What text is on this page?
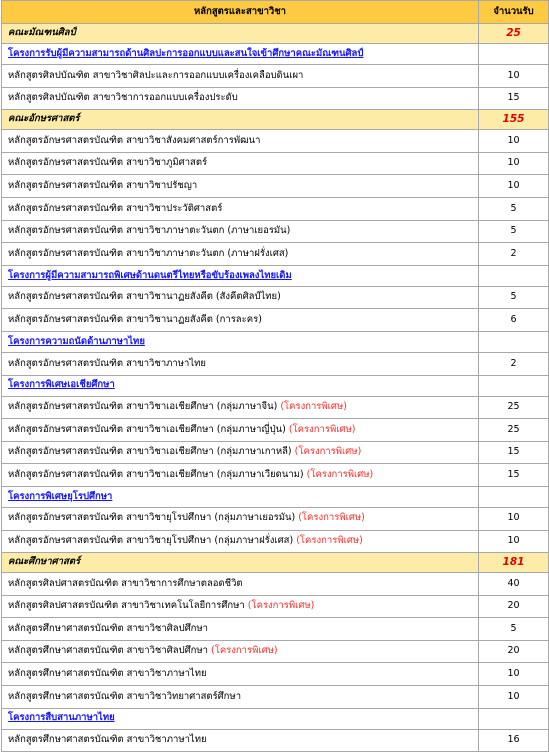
หลักสูตรและสาขาวิชา	จำนวนรับ
คณะมัณฑนศิลป์	25
โครงการรับผู้มีความสามารถด้านศิลปะการออกแบบและสนใจเข้าศึกษาคณะมัณฑนศิลป์	
หลักสูตรศิลปบัณฑิต สาขาวิชาศิลปะและการออกแบบเครื่องเคลือบดินเผา	10
หลักสูตรศิลปบัณฑิต สาขาวิชาการออกแบบเครื่องประดับ	15
คณะอักษรศาสตร์	155
หลักสูตรอักษรศาสตรบัณฑิต สาขาวิชาสังคมศาสตร์การพัฒนา	10
หลักสูตรอักษรศาสตรบัณฑิต สาขาวิชาภูมิศาสตร์	10
หลักสูตรอักษรศาสตรบัณฑิต สาขาวิชาปรัชญา	10
หลักสูตรอักษรศาสตรบัณฑิต สาขาวิชาประวัติศาสตร์	5
หลักสูตรอักษรศาสตรบัณฑิต สาขาวิชาภาษาตะวันตก (ภาษาเยอรมัน)	5
หลักสูตรอักษรศาสตรบัณฑิต สาขาวิชาภาษาตะวันตก (ภาษาฝรั่งเศส)	2
โครงการผู้มีความสามารถพิเศษด้านดนตรีไทยหรือขับร้องเพลงไทยเดิม	
หลักสูตรอักษรศาสตรบัณฑิต สาขาวิชานาฏยสังคีต (สังคีตศิลป์ไทย)	5
หลักสูตรอักษรศาสตรบัณฑิต สาขาวิชานาฏยสังคีต (การละคร)	6
โครงการความถนัดด้านภาษาไทย	
หลักสูตรอักษรศาสตรบัณฑิต สาขาวิชาภาษาไทย	2
โครงการพิเศษเอเชียศึกษา	
หลักสูตรอักษรศาสตรบัณฑิต สาขาวิชาเอเชียศึกษา (กลุ่มภาษาจีน) (โครงการพิเศษ)	25
หลักสูตรอักษรศาสตรบัณฑิต สาขาวิชาเอเชียศึกษา (กลุ่มภาษาญี่ปุ่น) (โครงการพิเศษ)	25
หลักสูตรอักษรศาสตรบัณฑิต สาขาวิชาเอเชียศึกษา (กลุ่มภาษาเกาหลี) (โครงการพิเศษ)	15
หลักสูตรอักษรศาสตรบัณฑิต สาขาวิชาเอเชียศึกษา (กลุ่มภาษาเวียดนาม) (โครงการพิเศษ)	15
โครงการพิเศษยุโรปศึกษา	
หลักสูตรอักษรศาสตรบัณฑิต สาขาวิชายุโรปศึกษา (กลุ่มภาษาเยอรมัน) (โครงการพิเศษ)	10
หลักสูตรอักษรศาสตรบัณฑิต สาขาวิชายุโรปศึกษา (กลุ่มภาษาฝรั่งเศส) (โครงการพิเศษ)	10
คณะศึกษาศาสตร์	181
หลักสูตรศิลปศาสตรบัณฑิต สาขาวิชาการศึกษาตลอดชีวิต	40
หลักสูตรศิลปศาสตรบัณฑิต สาขาวิชาเทคโนโลยีการศึกษา (โครงการพิเศษ)	20
หลักสูตรศึกษาศาสตรบัณฑิต สาขาวิชาศิลปศึกษา	5
หลักสูตรศึกษาศาสตรบัณฑิต สาขาวิชาศิลปศึกษา (โครงการพิเศษ)	20
หลักสูตรศึกษาศาสตรบัณฑิต สาขาวิชาภาษาไทย	10
หลักสูตรศึกษาศาสตรบัณฑิต สาขาวิชาวิทยาศาสตร์ศึกษา	10
โครงการสืบสานภาษาไทย	
หลักสูตรศึกษาศาสตรบัณฑิต สาขาวิชาภาษาไทย	16
